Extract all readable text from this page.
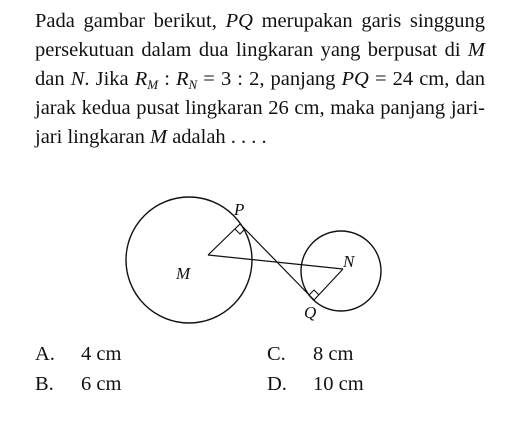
Pada gambar berikut, PQ merupakan garis singgung persekutuan dalam dua lingkaran yang berpusat di M dan N. Jika $R_M$ : $R_N = 3$ : 2, panjang PQ = 24 cm, dan jarak kedua pusat lingkaran 26 cm, maka panjang jari-jari lingkaran M adalah . . . .

P
M
N
Q
A. 4 cm
B. 6 cm
C. 8 cm
D. 10 cm
